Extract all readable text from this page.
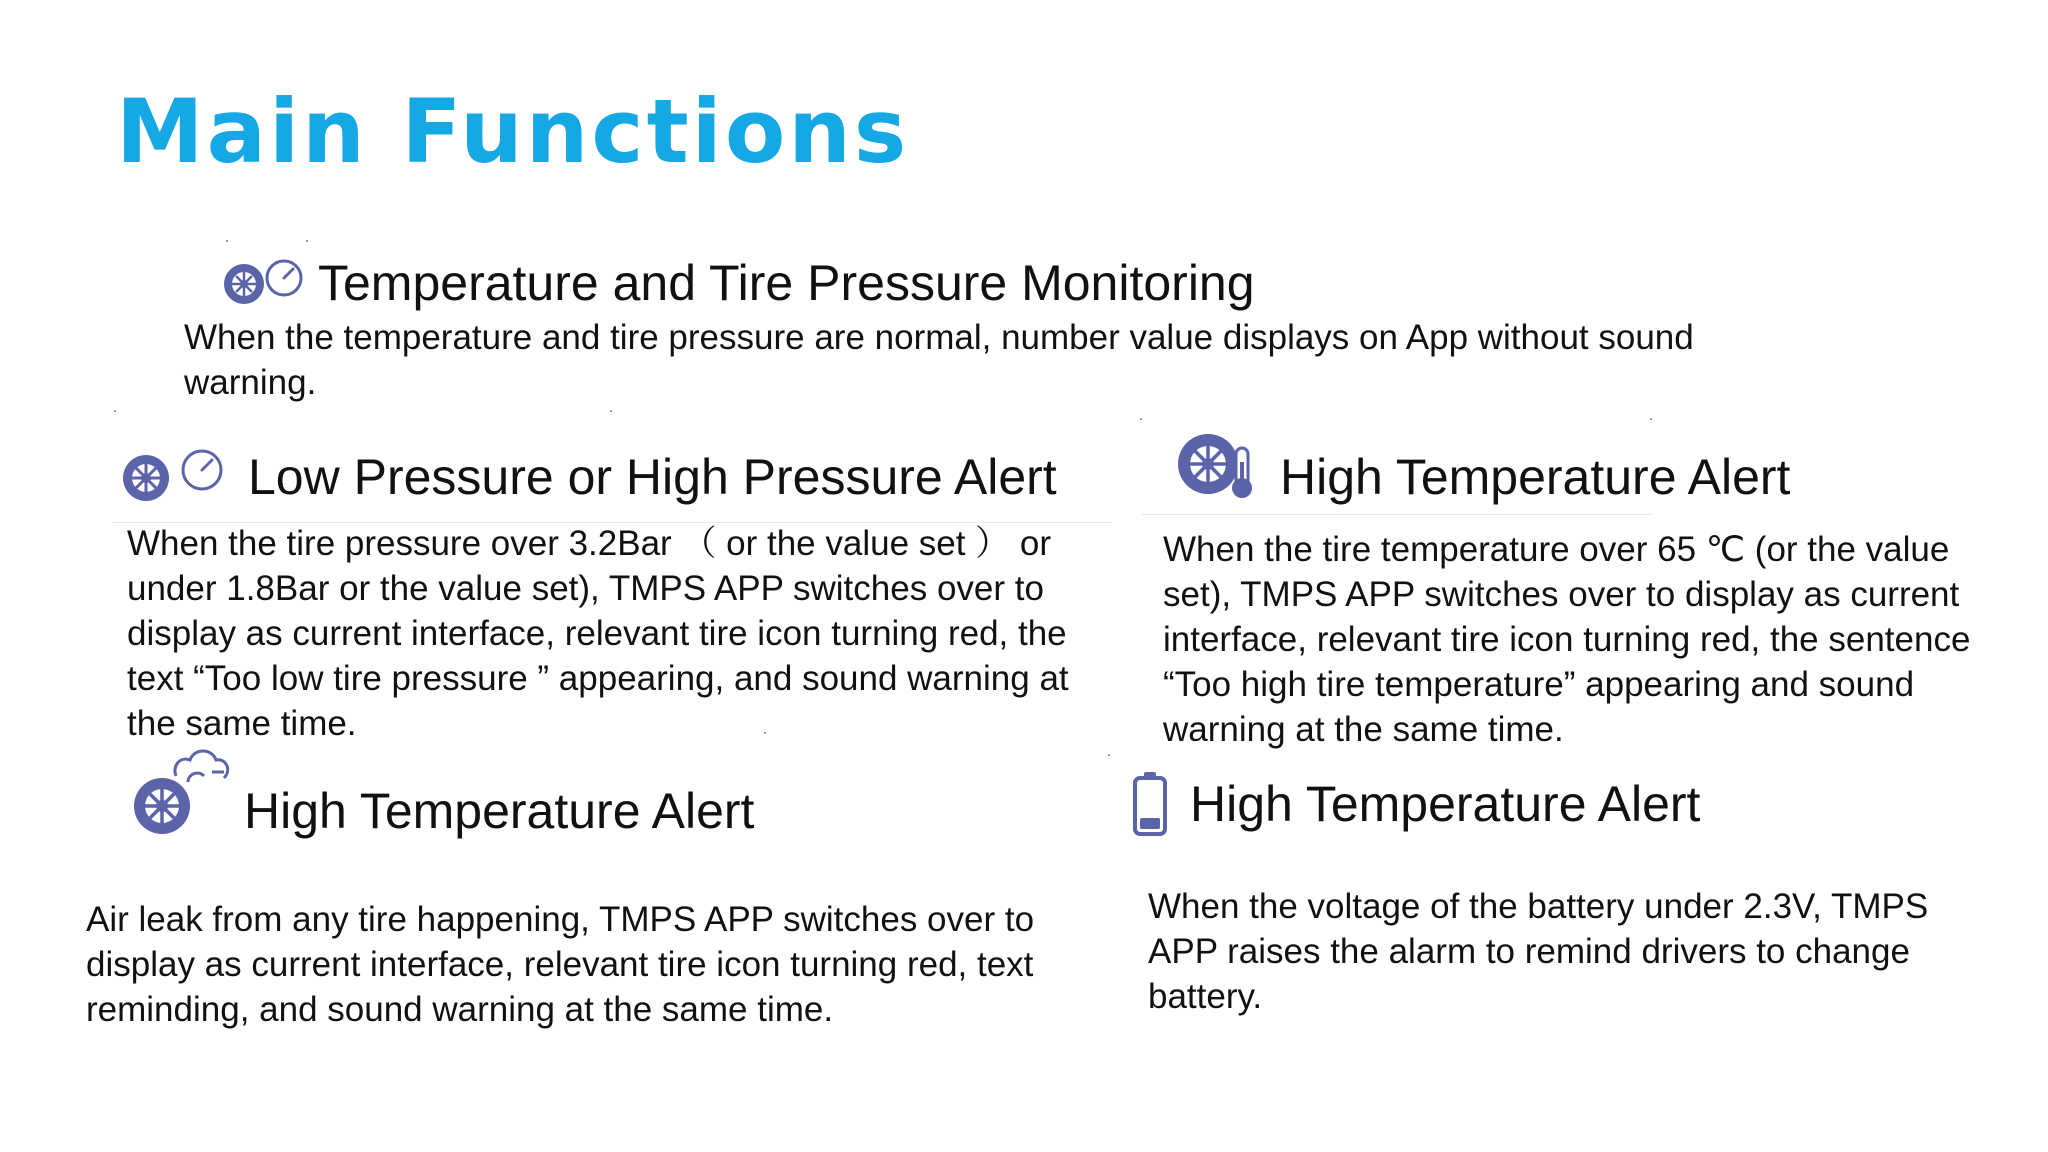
Main Functions
Temperature and Tire Pressure Monitoring

When the temperature and tire pressure are normal, number value displays on App without sound warning.

Low Pressure or High Pressure Alert

When the tire pressure over 3.2Bar （ or the value set ） or under 1.8Bar or the value set), TMPS APP switches over to display as current interface, relevant tire icon turning red, the text “Too low tire pressure ” appearing, and sound warning at the same time.

High Temperature Alert

When the tire temperature over 65 ℃ (or the value set), TMPS APP switches over to display as current interface, relevant tire icon turning red, the sentence “Too high tire temperature” appearing and sound warning at the same time.

High Temperature Alert

Air leak from any tire happening, TMPS APP switches over to display as current interface, relevant tire icon turning red, text reminding, and sound warning at the same time.

High Temperature Alert

When the voltage of the battery under 2.3V, TMPS APP raises the alarm to remind drivers to change battery.
